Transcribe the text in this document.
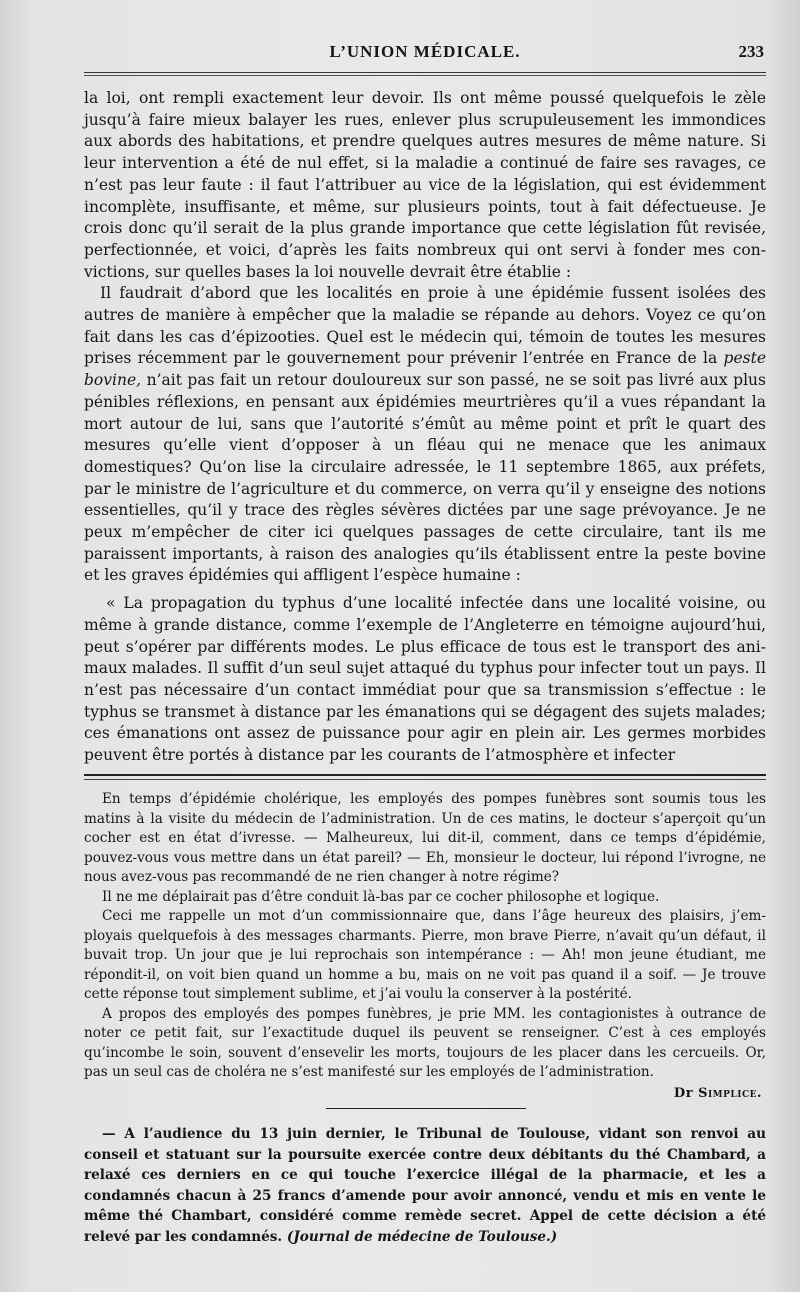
L’UNION MÉDICALE.	233

la loi, ont rempli exactement leur devoir. Ils ont même poussé quelquefois le zèle jusqu’à faire mieux balayer les rues, enlever plus scrupuleusement les immondices aux abords des habitations, et prendre quelques autres mesures de même nature. Si leur intervention a été de nul effet, si la maladie a continué de faire ses ravages, ce n’est pas leur faute : il faut l’attribuer au vice de la législation, qui est évidemment incomplète, insuffisante, et même, sur plusieurs points, tout à fait défectueuse. Je crois donc qu’il serait de la plus grande importance que cette législation fût revisée, perfectionnée, et voici, d’après les faits nombreux qui ont servi à fonder mes convictions, sur quelles bases la loi nouvelle devrait être établie :

Il faudrait d’abord que les localités en proie à une épidémie fussent isolées des autres de manière à empêcher que la maladie se répande au dehors. Voyez ce qu’on fait dans les cas d’épizooties. Quel est le médecin qui, témoin de toutes les mesures prises récemment par le gouvernement pour prévenir l’entrée en France de la peste bovine, n’ait pas fait un retour douloureux sur son passé, ne se soit pas livré aux plus pénibles réflexions, en pensant aux épidémies meurtrières qu’il a vues répandant la mort autour de lui, sans que l’autorité s’émût au même point et prît le quart des mesures qu’elle vient d’opposer à un fléau qui ne menace que les animaux domestiques? Qu’on lise la circulaire adressée, le 11 septembre 1865, aux préfets, par le ministre de l’agriculture et du commerce, on verra qu’il y enseigne des notions essentielles, qu’il y trace des règles sévères dictées par une sage prévoyance. Je ne peux m’empêcher de citer ici quelques passages de cette circulaire, tant ils me paraissent importants, à raison des analogies qu’ils établissent entre la peste bovine et les graves épidémies qui affligent l’espèce humaine :

« La propagation du typhus d’une localité infectée dans une localité voisine, ou même à grande distance, comme l’exemple de l’Angleterre en témoigne aujourd’hui, peut s’opérer par différents modes. Le plus efficace de tous est le transport des animaux malades. Il suffit d’un seul sujet attaqué du typhus pour infecter tout un pays. Il n’est pas nécessaire d’un contact immédiat pour que sa transmission s’effectue : le typhus se transmet à distance par les émanations qui se dégagent des sujets malades; ces émanations ont assez de puissance pour agir en plein air. Les germes morbides peuvent être portés à distance par les courants de l’atmosphère et infecter

En temps d’épidémie cholérique, les employés des pompes funèbres sont soumis tous les matins à la visite du médecin de l’administration. Un de ces matins, le docteur s’aperçoit qu’un cocher est en état d’ivresse. — Malheureux, lui dit-il, comment, dans ce temps d’épidémie, pouvez-vous vous mettre dans un état pareil? — Eh, monsieur le docteur, lui répond l’ivrogne, ne nous avez-vous pas recommandé de ne rien changer à notre régime?

Il ne me déplairait pas d’être conduit là-bas par ce cocher philosophe et logique.

Ceci me rappelle un mot d’un commissionnaire que, dans l’âge heureux des plaisirs, j’employais quelquefois à des messages charmants. Pierre, mon brave Pierre, n’avait qu’un défaut, il buvait trop. Un jour que je lui reprochais son intempérance : — Ah! mon jeune étudiant, me répondit-il, on voit bien quand un homme a bu, mais on ne voit pas quand il a soif. — Je trouve cette réponse tout simplement sublime, et j’ai voulu la conserver à la postérité.

A propos des employés des pompes funèbres, je prie MM. les contagionistes à outrance de noter ce petit fait, sur l’exactitude duquel ils peuvent se renseigner. C’est à ces employés qu’incombe le soin, souvent d’ensevelir les morts, toujours de les placer dans les cercueils. Or, pas un seul cas de choléra ne s’est manifesté sur les employés de l’administration.

Dr Simplice.

— A l’audience du 13 juin dernier, le Tribunal de Toulouse, vidant son renvoi au conseil et statuant sur la poursuite exercée contre deux débitants du thé Chambard, a relaxé ces derniers en ce qui touche l’exercice illégal de la pharmacie, et les a condamnés chacun à 25 francs d’amende pour avoir annoncé, vendu et mis en vente le même thé Chambart, considéré comme remède secret. Appel de cette décision a été relevé par les condamnés. (Journal de médecine de Toulouse.)
